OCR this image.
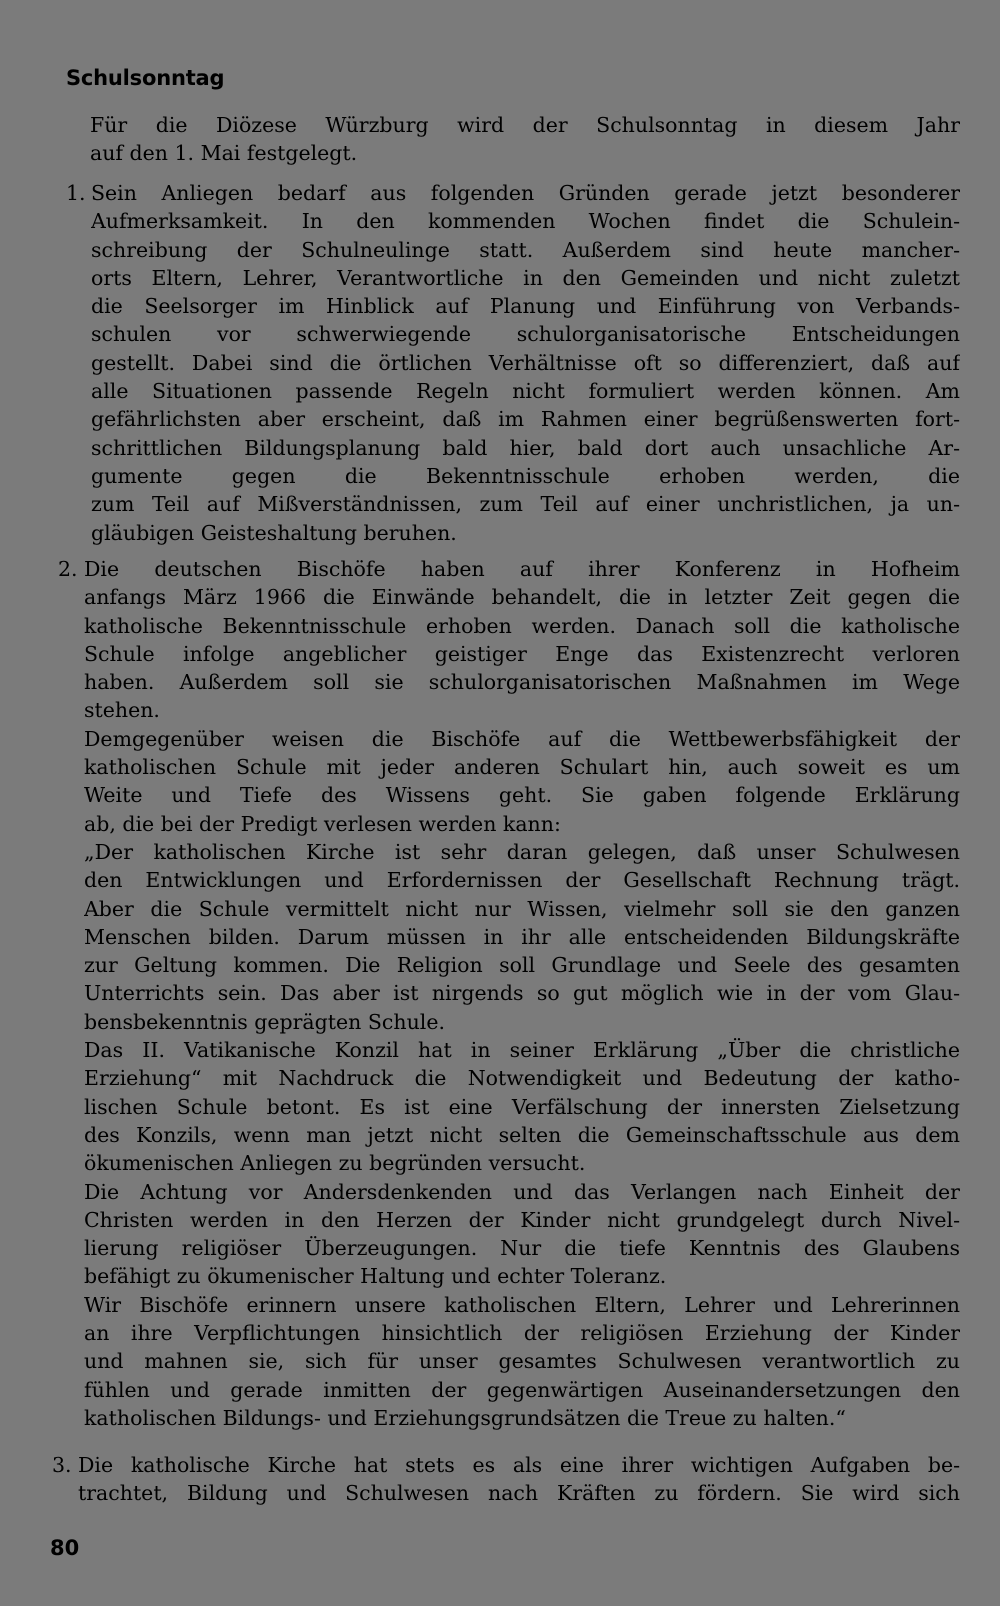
Schulsonntag
Für die Diözese Würzburg wird der Schulsonntag in diesem Jahr
auf den 1. Mai festgelegt.
1. Sein Anliegen bedarf aus folgenden Gründen gerade jetzt besonderer
Aufmerksamkeit. In den kommenden Wochen findet die Schulein-
schreibung der Schulneulinge statt. Außerdem sind heute mancher-
orts Eltern, Lehrer, Verantwortliche in den Gemeinden und nicht zuletzt
die Seelsorger im Hinblick auf Planung und Einführung von Verbands-
schulen vor schwerwiegende schulorganisatorische Entscheidungen
gestellt. Dabei sind die örtlichen Verhältnisse oft so differenziert, daß auf
alle Situationen passende Regeln nicht formuliert werden können. Am
gefährlichsten aber erscheint, daß im Rahmen einer begrüßenswerten fort-
schrittlichen Bildungsplanung bald hier, bald dort auch unsachliche Ar-
gumente gegen die Bekenntnisschule erhoben werden, die
zum Teil auf Mißverständnissen, zum Teil auf einer unchristlichen, ja un-
gläubigen Geisteshaltung beruhen.
2. Die deutschen Bischöfe haben auf ihrer Konferenz in Hofheim
anfangs März 1966 die Einwände behandelt, die in letzter Zeit gegen die
katholische Bekenntnisschule erhoben werden. Danach soll die katholische
Schule infolge angeblicher geistiger Enge das Existenzrecht verloren
haben. Außerdem soll sie schulorganisatorischen Maßnahmen im Wege
stehen.
Demgegenüber weisen die Bischöfe auf die Wettbewerbsfähigkeit der
katholischen Schule mit jeder anderen Schulart hin, auch soweit es um
Weite und Tiefe des Wissens geht. Sie gaben folgende Erklärung
ab, die bei der Predigt verlesen werden kann:
„Der katholischen Kirche ist sehr daran gelegen, daß unser Schulwesen
den Entwicklungen und Erfordernissen der Gesellschaft Rechnung trägt.
Aber die Schule vermittelt nicht nur Wissen, vielmehr soll sie den ganzen
Menschen bilden. Darum müssen in ihr alle entscheidenden Bildungskräfte
zur Geltung kommen. Die Religion soll Grundlage und Seele des gesamten
Unterrichts sein. Das aber ist nirgends so gut möglich wie in der vom Glau-
bensbekenntnis geprägten Schule.
Das II. Vatikanische Konzil hat in seiner Erklärung „Über die christliche
Erziehung“ mit Nachdruck die Notwendigkeit und Bedeutung der katho-
lischen Schule betont. Es ist eine Verfälschung der innersten Zielsetzung
des Konzils, wenn man jetzt nicht selten die Gemeinschaftsschule aus dem
ökumenischen Anliegen zu begründen versucht.
Die Achtung vor Andersdenkenden und das Verlangen nach Einheit der
Christen werden in den Herzen der Kinder nicht grundgelegt durch Nivel-
lierung religiöser Überzeugungen. Nur die tiefe Kenntnis des Glaubens
befähigt zu ökumenischer Haltung und echter Toleranz.
Wir Bischöfe erinnern unsere katholischen Eltern, Lehrer und Lehrerinnen
an ihre Verpflichtungen hinsichtlich der religiösen Erziehung der Kinder
und mahnen sie, sich für unser gesamtes Schulwesen verantwortlich zu
fühlen und gerade inmitten der gegenwärtigen Auseinandersetzungen den
katholischen Bildungs- und Erziehungsgrundsätzen die Treue zu halten.“
3. Die katholische Kirche hat stets es als eine ihrer wichtigen Aufgaben be-
trachtet, Bildung und Schulwesen nach Kräften zu fördern. Sie wird sich
80
